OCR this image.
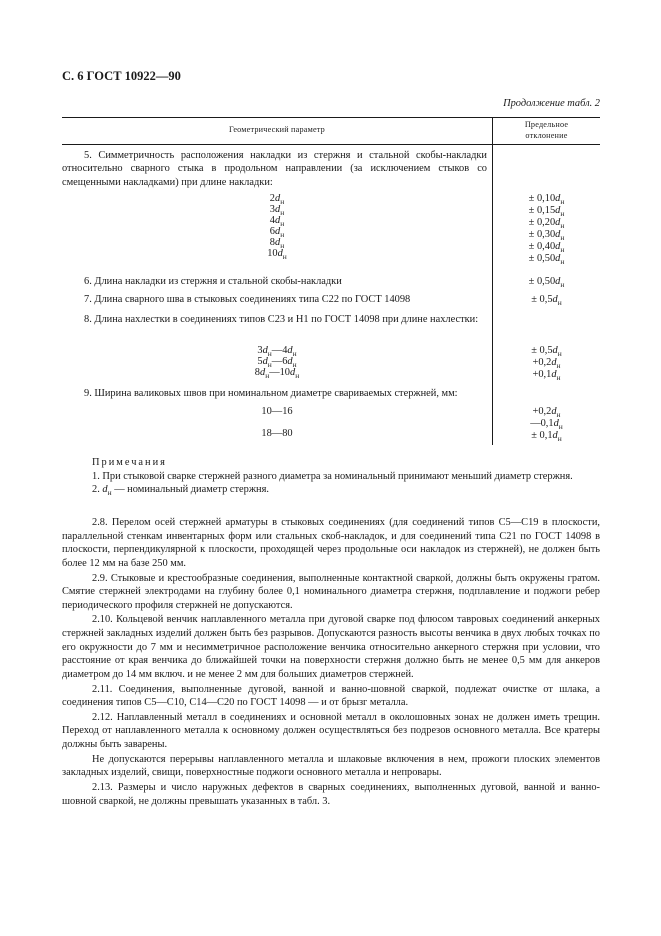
С. 6 ГОСТ 10922—90
Продолжение табл. 2
Геометрический параметр
Предельное
отклонение
5. Симметричность расположения накладки из стержня и стальной скобы-накладки относительно сварного стыка в продольном направлении (за исключением стыков со смещенными накладками) при длине накладки:
$2d_н$
$3d_н$
$4d_н$
$6d_н$
$8d_н$
$10d_н$
± $0,10d_н$
± $0,15d_н$
± $0,20d_н$
± $0,30d_н$
± $0,40d_н$
± $0,50d_н$
6. Длина накладки из стержня и стальной скобы-накладки	± $0,50d_н$
7. Длина сварного шва в стыковых соединениях типа С22 по ГОСТ 14098	± $0,5d_н$
8. Длина нахлестки в соединениях типов С23 и Н1 по ГОСТ 14098 при длине нахлестки:
$3d_н—4d_н$
$5d_н—6d_н$
$8d_н—10d_н$
± $0,5d_н$
$+0,2d_н$
$+0,1d_н$
9. Ширина валиковых швов при номинальном диаметре свариваемых стержней, мм:
10—16
18—80
$+0,2d_н$
$—0,1d_н$
± $0,1d_н$
Примечания

1. При стыковой сварке стержней разного диаметра за номинальный принимают меньший диаметр стержня.

2. $d_н$ — номинальный диаметр стержня.

2.8. Перелом осей стержней арматуры в стыковых соединениях (для соединений типов С5—С19 в плоскости, параллельной стенкам инвентарных форм или стальных скоб-накладок, и для соединений типа С21 по ГОСТ 14098 в плоскости, перпендикулярной к плоскости, проходящей через продольные оси накладок из стержней), не должен быть более 12 мм на базе 250 мм.

2.9. Стыковые и крестообразные соединения, выполненные контактной сваркой, должны быть окружены гратом. Смятие стержней электродами на глубину более 0,1 номинального диаметра стержня, подплавление и поджоги ребер периодического профиля стержней не допускаются.

2.10. Кольцевой венчик наплавленного металла при дуговой сварке под флюсом тавровых соединений анкерных стержней закладных изделий должен быть без разрывов. Допускаются разность высоты венчика в двух любых точках по его окружности до 7 мм и несимметричное расположение венчика относительно анкерного стержня при условии, что расстояние от края венчика до ближайшей точки на поверхности стержня должно быть не менее 0,5 мм для анкеров диаметром до 14 мм включ. и не менее 2 мм для больших диаметров стержней.

2.11. Соединения, выполненные дуговой, ванной и ванно-шовной сваркой, подлежат очистке от шлака, а соединения типов С5—С10, С14—С20 по ГОСТ 14098 — и от брызг металла.

2.12. Наплавленный металл в соединениях и основной металл в околошовных зонах не должен иметь трещин. Переход от наплавленного металла к основному должен осуществляться без подрезов основного металла. Все кратеры должны быть заварены.

Не допускаются перерывы наплавленного металла и шлаковые включения в нем, прожоги плоских элементов закладных изделий, свищи, поверхностные поджоги основного металла и непровары.

2.13. Размеры и число наружных дефектов в сварных соединениях, выполненных дуговой, ванной и ванно-шовной сваркой, не должны превышать указанных в табл. 3.
